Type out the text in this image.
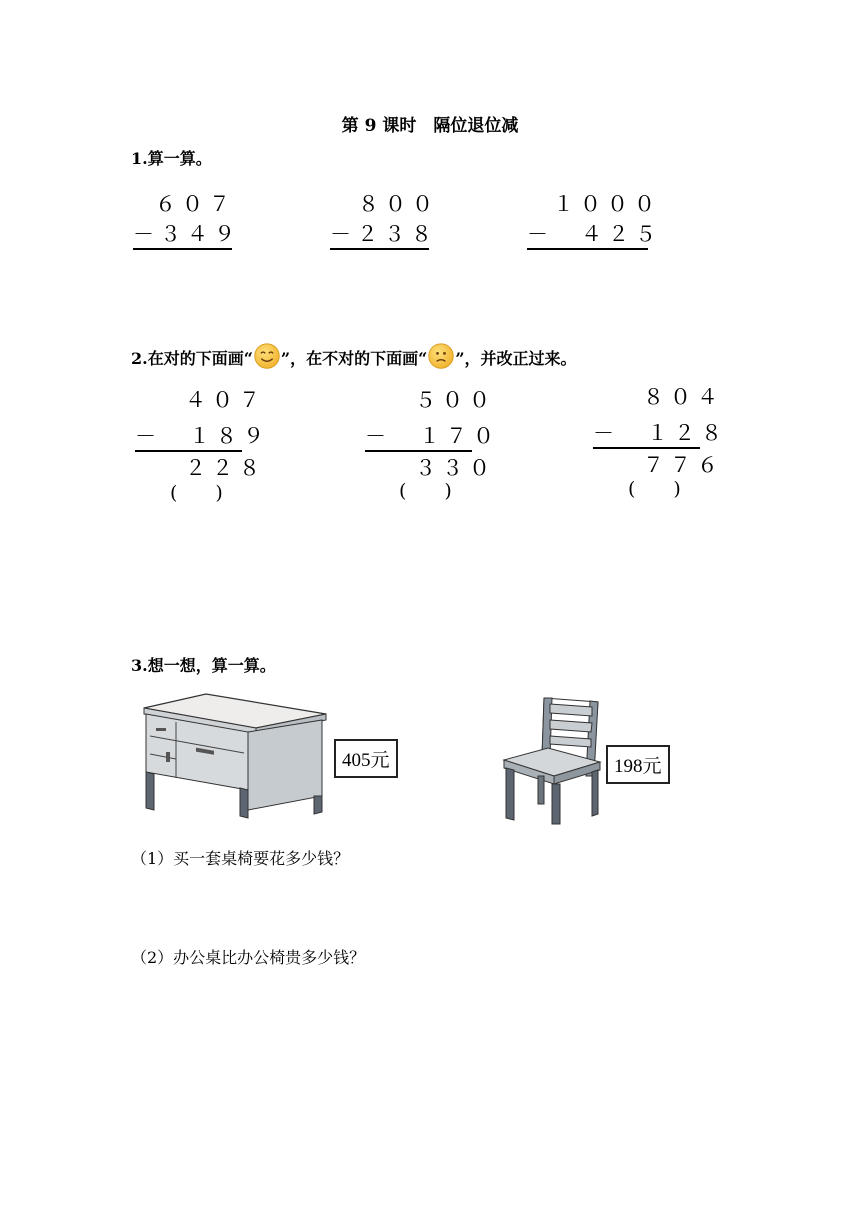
第 9 课时　隔位退位减
1.算一算。
６０７
－３４９
８００
－２３８
１０００
－　４２５
2.在对的下面画“ ”，在不对的下面画“ ”，并改正过来。
４０７
－　 １８９
２２８
(　　)
５００
－　 １７０
３３０
(　　)
８０４
－　 １２８
７７６
(　　)
3.想一想，算一算。
405元	198元
（1）买一套桌椅要花多少钱？
（2）办公桌比办公椅贵多少钱？
